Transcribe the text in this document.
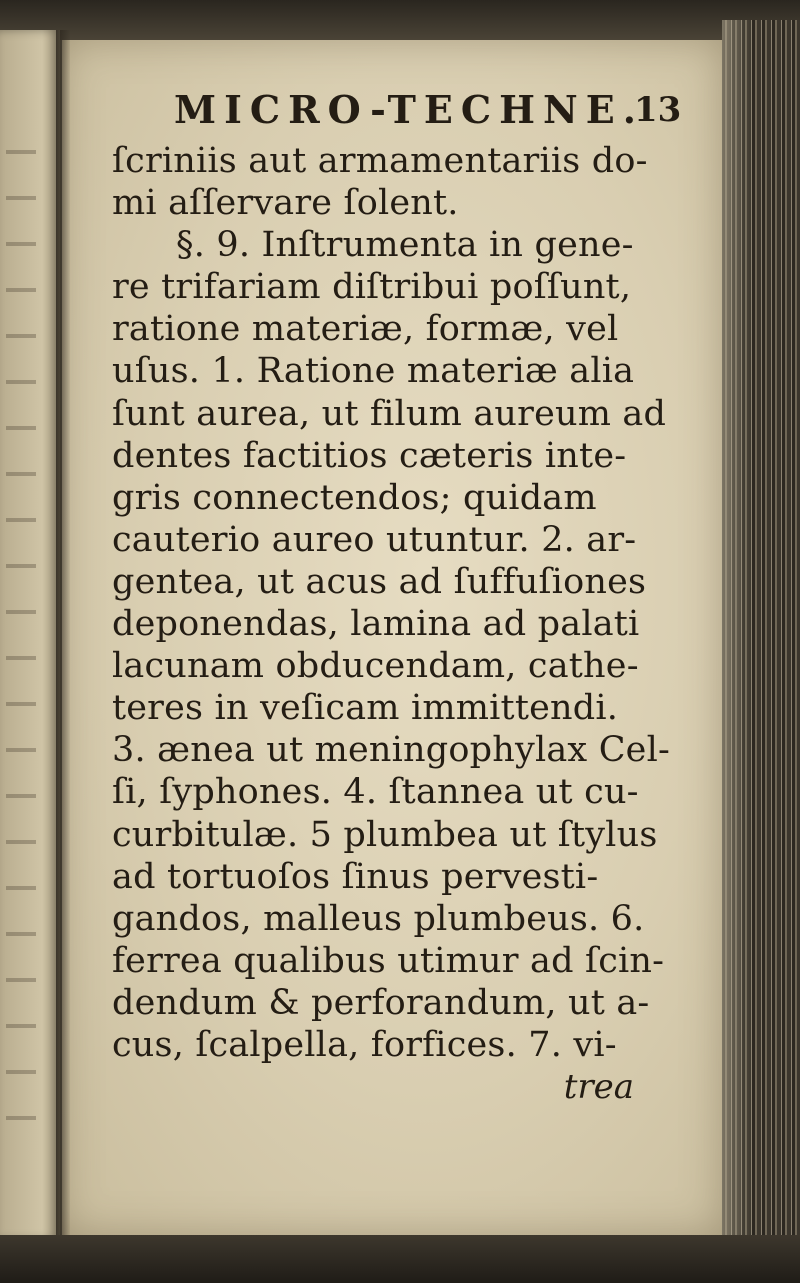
MICRO-TECHNE.
13
ſcriniis aut armamentariis do-
mi aſſervare ſolent.
§. 9. Inſtrumenta in gene-
re trifariam diſtribui poſſunt,
ratione materiæ, formæ, vel
uſus. 1. Ratione materiæ alia
ſunt aurea, ut filum aureum ad
dentes factitios cæteris inte-
gris connectendos; quidam
cauterio aureo utuntur. 2. ar-
gentea, ut acus ad ſuffuſiones
deponendas, lamina ad palati
lacunam obducendam, cathe-
teres in veſicam immittendi.
3. ænea ut meningophylax Cel-
ſi, ſyphones. 4. ſtannea ut cu-
curbitulæ. 5 plumbea ut ſtylus
ad tortuoſos ſinus pervesti-
gandos, malleus plumbeus. 6.
ferrea qualibus utimur ad ſcin-
dendum & perforandum, ut a-
cus, ſcalpella, forfices. 7. vi-
trea
